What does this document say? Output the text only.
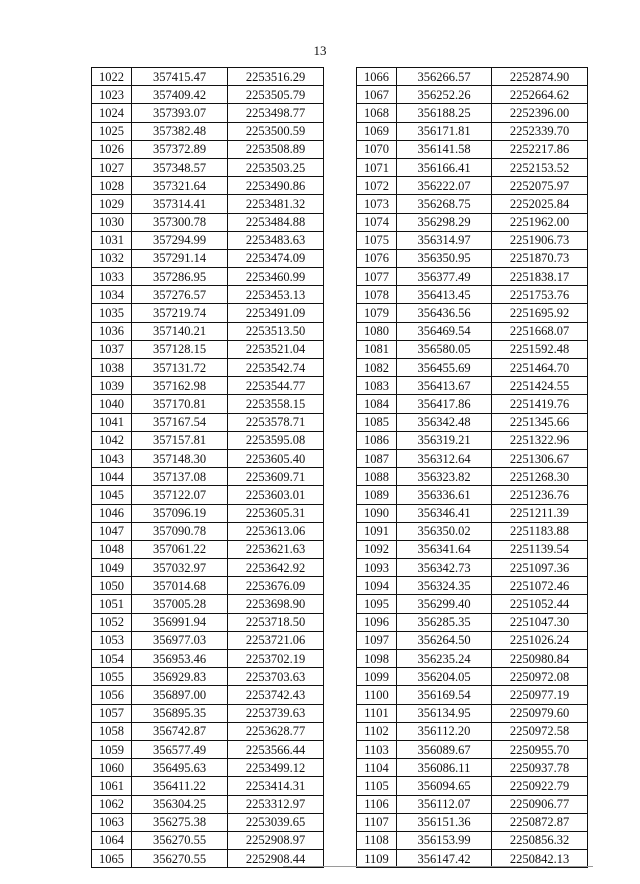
13
1022	357415.47	2253516.29
1023	357409.42	2253505.79
1024	357393.07	2253498.77
1025	357382.48	2253500.59
1026	357372.89	2253508.89
1027	357348.57	2253503.25
1028	357321.64	2253490.86
1029	357314.41	2253481.32
1030	357300.78	2253484.88
1031	357294.99	2253483.63
1032	357291.14	2253474.09
1033	357286.95	2253460.99
1034	357276.57	2253453.13
1035	357219.74	2253491.09
1036	357140.21	2253513.50
1037	357128.15	2253521.04
1038	357131.72	2253542.74
1039	357162.98	2253544.77
1040	357170.81	2253558.15
1041	357167.54	2253578.71
1042	357157.81	2253595.08
1043	357148.30	2253605.40
1044	357137.08	2253609.71
1045	357122.07	2253603.01
1046	357096.19	2253605.31
1047	357090.78	2253613.06
1048	357061.22	2253621.63
1049	357032.97	2253642.92
1050	357014.68	2253676.09
1051	357005.28	2253698.90
1052	356991.94	2253718.50
1053	356977.03	2253721.06
1054	356953.46	2253702.19
1055	356929.83	2253703.63
1056	356897.00	2253742.43
1057	356895.35	2253739.63
1058	356742.87	2253628.77
1059	356577.49	2253566.44
1060	356495.63	2253499.12
1061	356411.22	2253414.31
1062	356304.25	2253312.97
1063	356275.38	2253039.65
1064	356270.55	2252908.97
1065	356270.55	2252908.44
1066	356266.57	2252874.90
1067	356252.26	2252664.62
1068	356188.25	2252396.00
1069	356171.81	2252339.70
1070	356141.58	2252217.86
1071	356166.41	2252153.52
1072	356222.07	2252075.97
1073	356268.75	2252025.84
1074	356298.29	2251962.00
1075	356314.97	2251906.73
1076	356350.95	2251870.73
1077	356377.49	2251838.17
1078	356413.45	2251753.76
1079	356436.56	2251695.92
1080	356469.54	2251668.07
1081	356580.05	2251592.48
1082	356455.69	2251464.70
1083	356413.67	2251424.55
1084	356417.86	2251419.76
1085	356342.48	2251345.66
1086	356319.21	2251322.96
1087	356312.64	2251306.67
1088	356323.82	2251268.30
1089	356336.61	2251236.76
1090	356346.41	2251211.39
1091	356350.02	2251183.88
1092	356341.64	2251139.54
1093	356342.73	2251097.36
1094	356324.35	2251072.46
1095	356299.40	2251052.44
1096	356285.35	2251047.30
1097	356264.50	2251026.24
1098	356235.24	2250980.84
1099	356204.05	2250972.08
1100	356169.54	2250977.19
1101	356134.95	2250979.60
1102	356112.20	2250972.58
1103	356089.67	2250955.70
1104	356086.11	2250937.78
1105	356094.65	2250922.79
1106	356112.07	2250906.77
1107	356151.36	2250872.87
1108	356153.99	2250856.32
1109	356147.42	2250842.13
